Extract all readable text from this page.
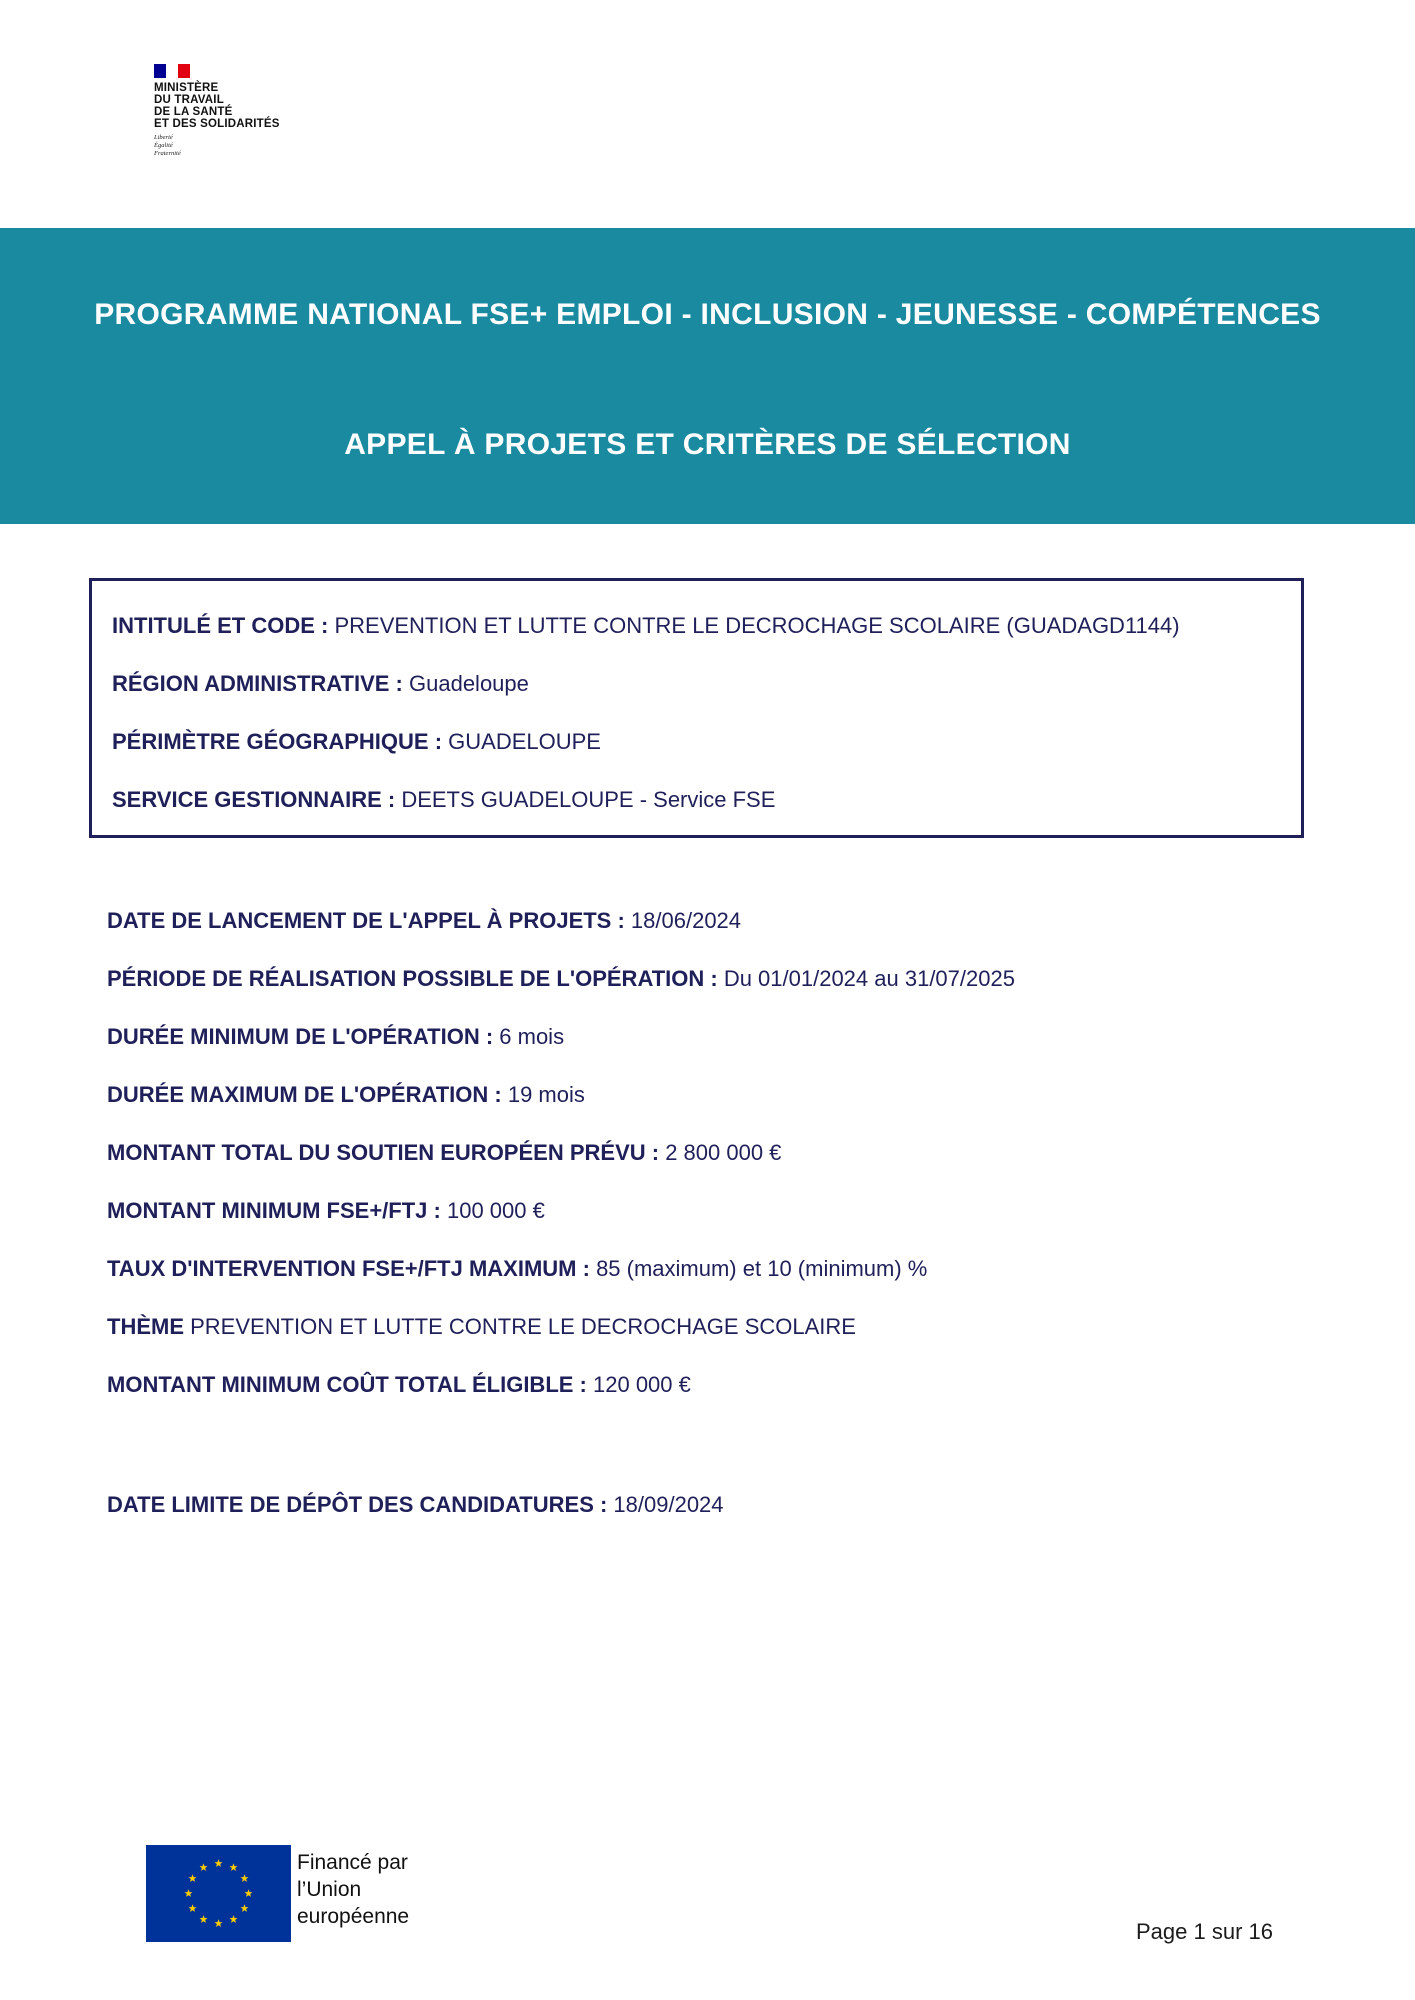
MINISTÈRE
DU TRAVAIL
DE LA SANTÉ
ET DES SOLIDARITÉS
Liberté
Égalité
Fraternité
PROGRAMME NATIONAL FSE+ EMPLOI - INCLUSION - JEUNESSE - COMPÉTENCES
APPEL À PROJETS ET CRITÈRES DE SÉLECTION
INTITULÉ ET CODE : PREVENTION ET LUTTE CONTRE LE DECROCHAGE SCOLAIRE (GUADAGD1144)
RÉGION ADMINISTRATIVE : Guadeloupe
PÉRIMÈTRE GÉOGRAPHIQUE : GUADELOUPE
SERVICE GESTIONNAIRE : DEETS GUADELOUPE - Service FSE
DATE DE LANCEMENT DE L'APPEL À PROJETS : 18/06/2024
PÉRIODE DE RÉALISATION POSSIBLE DE L'OPÉRATION : Du 01/01/2024 au 31/07/2025
DURÉE MINIMUM DE L'OPÉRATION : 6 mois
DURÉE MAXIMUM DE L'OPÉRATION : 19 mois
MONTANT TOTAL DU SOUTIEN EUROPÉEN PRÉVU : 2 800 000 €
MONTANT MINIMUM FSE+/FTJ : 100 000 €
TAUX D'INTERVENTION FSE+/FTJ MAXIMUM : 85 (maximum) et 10 (minimum) %
THÈME PREVENTION ET LUTTE CONTRE LE DECROCHAGE SCOLAIRE
MONTANT MINIMUM COÛT TOTAL ÉLIGIBLE : 120 000 €
DATE LIMITE DE DÉPÔT DES CANDIDATURES : 18/09/2024
Financé par
l’Union
européenne
Page 1 sur 16
